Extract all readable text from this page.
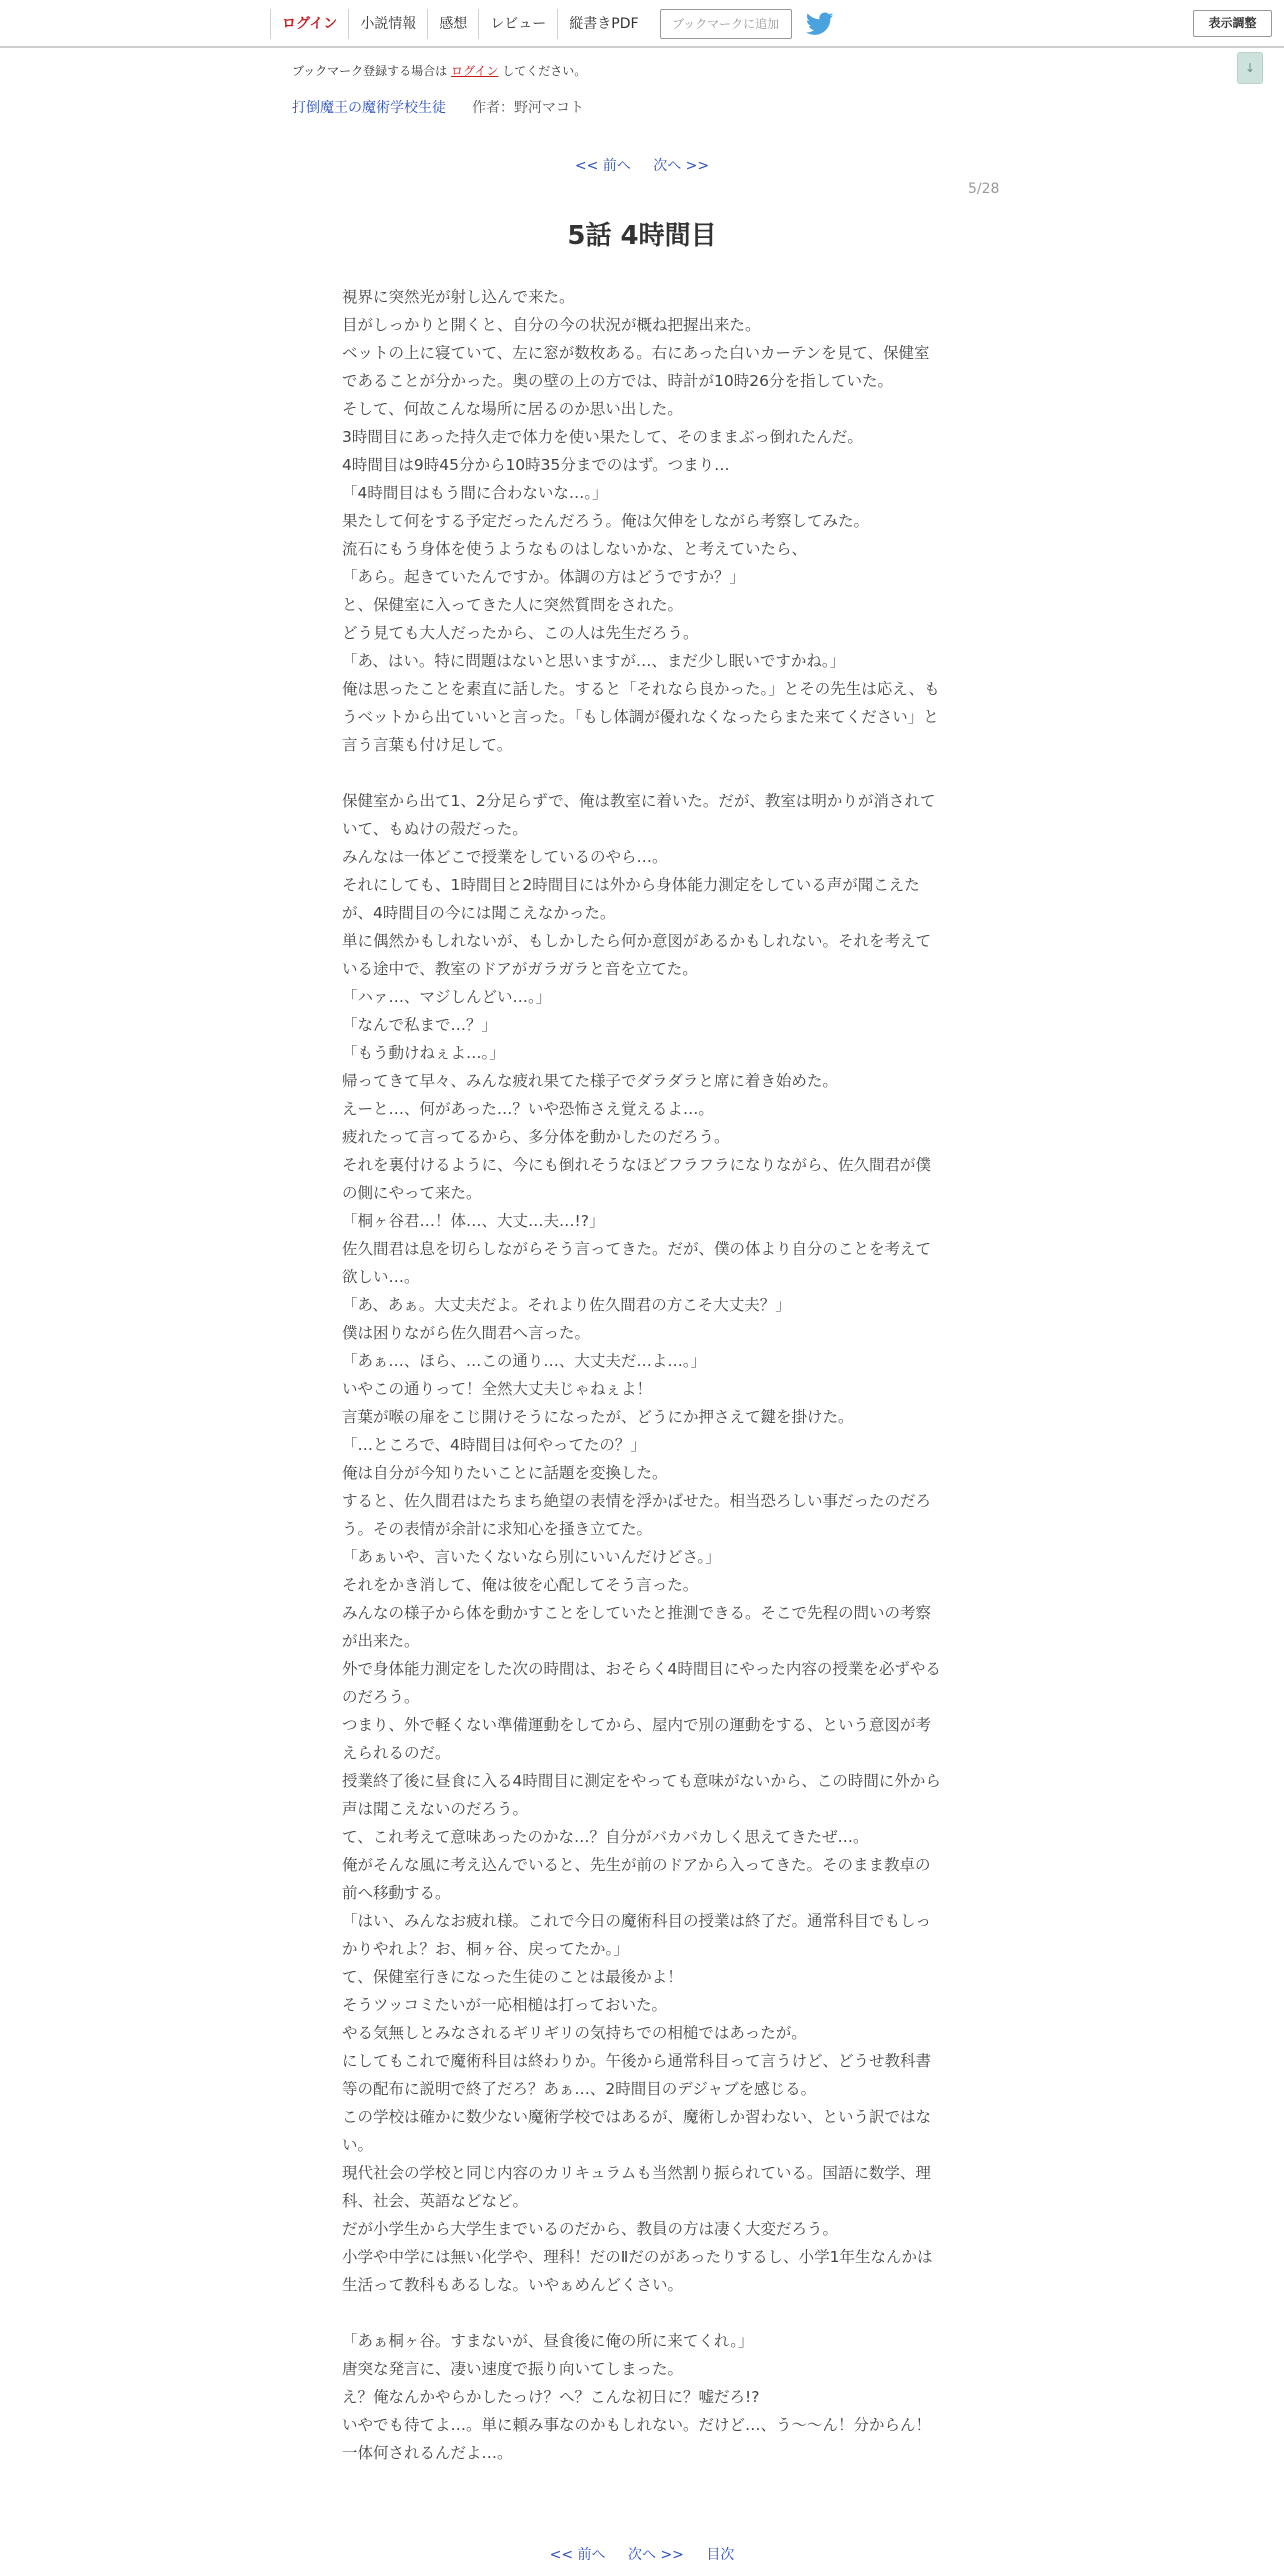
ログイン	小説情報	感想	レビュー	縦書きPDF	ブックマークに追加	表示調整
↓
ブックマーク登録する場合は ログイン してください。
打倒魔王の魔術学校生徒 作者：野河マコト
<< 前へ 次へ >>
5/28
5話 4時間目

視界に突然光が射し込んで来た。

目がしっかりと開くと、自分の今の状況が概ね把握出来た。

ベットの上に寝ていて、左に窓が数枚ある。右にあった白いカーテンを見て、保健室であることが分かった。奥の壁の上の方では、時計が10時26分を指していた。

そして、何故こんな場所に居るのか思い出した。

3時間目にあった持久走で体力を使い果たして、そのままぶっ倒れたんだ。

4時間目は9時45分から10時35分までのはず。つまり…

「4時間目はもう間に合わないな…。」

果たして何をする予定だったんだろう。俺は欠伸をしながら考察してみた。

流石にもう身体を使うようなものはしないかな、と考えていたら、

「あら。起きていたんですか。体調の方はどうですか？」

と、保健室に入ってきた人に突然質問をされた。

どう見ても大人だったから、この人は先生だろう。

「あ、はい。特に問題はないと思いますが…、まだ少し眠いですかね。」

俺は思ったことを素直に話した。すると「それなら良かった。」とその先生は応え、もうベットから出ていいと言った。「もし体調が優れなくなったらまた来てください」と言う言葉も付け足して。

保健室から出て1、2分足らずで、俺は教室に着いた。だが、教室は明かりが消されていて、もぬけの殻だった。

みんなは一体どこで授業をしているのやら…。

それにしても、1時間目と2時間目には外から身体能力測定をしている声が聞こえたが、4時間目の今には聞こえなかった。

単に偶然かもしれないが、もしかしたら何か意図があるかもしれない。それを考えている途中で、教室のドアがガラガラと音を立てた。

「ハァ…、マジしんどい…。」

「なんで私まで…？」

「もう動けねぇよ…。」

帰ってきて早々、みんな疲れ果てた様子でダラダラと席に着き始めた。

えーと…、何があった…？いや恐怖さえ覚えるよ…。

疲れたって言ってるから、多分体を動かしたのだろう。

それを裏付けるように、今にも倒れそうなほどフラフラになりながら、佐久間君が僕の側にやって来た。

「桐ヶ谷君…！体…、大丈…夫…!?」

佐久間君は息を切らしながらそう言ってきた。だが、僕の体より自分のことを考えて欲しい…。

「あ、あぁ。大丈夫だよ。それより佐久間君の方こそ大丈夫？」

僕は困りながら佐久間君へ言った。

「あぁ…、ほら、…この通り…、大丈夫だ…よ…。」

いやこの通りって！全然大丈夫じゃねぇよ！

言葉が喉の扉をこじ開けそうになったが、どうにか押さえて鍵を掛けた。

「…ところで、4時間目は何やってたの？」

俺は自分が今知りたいことに話題を変換した。

すると、佐久間君はたちまち絶望の表情を浮かばせた。相当恐ろしい事だったのだろう。その表情が余計に求知心を掻き立てた。

「あぁいや、言いたくないなら別にいいんだけどさ。」

それをかき消して、俺は彼を心配してそう言った。

みんなの様子から体を動かすことをしていたと推測できる。そこで先程の問いの考察が出来た。

外で身体能力測定をした次の時間は、おそらく4時間目にやった内容の授業を必ずやるのだろう。

つまり、外で軽くない準備運動をしてから、屋内で別の運動をする、という意図が考えられるのだ。

授業終了後に昼食に入る4時間目に測定をやっても意味がないから、この時間に外から声は聞こえないのだろう。

て、これ考えて意味あったのかな…？自分がバカバカしく思えてきたぜ…。

俺がそんな風に考え込んでいると、先生が前のドアから入ってきた。そのまま教卓の前へ移動する。

「はい、みんなお疲れ様。これで今日の魔術科目の授業は終了だ。通常科目でもしっかりやれよ？お、桐ヶ谷、戻ってたか。」

て、保健室行きになった生徒のことは最後かよ！

そうツッコミたいが一応相槌は打っておいた。

やる気無しとみなされるギリギリの気持ちでの相槌ではあったが。

にしてもこれで魔術科目は終わりか。午後から通常科目って言うけど、どうせ教科書等の配布に説明で終了だろ？あぁ…、2時間目のデジャブを感じる。

この学校は確かに数少ない魔術学校ではあるが、魔術しか習わない、という訳ではない。

現代社会の学校と同じ内容のカリキュラムも当然割り振られている。国語に数学、理科、社会、英語などなど。

だが小学生から大学生までいるのだから、教員の方は凄く大変だろう。

小学や中学には無い化学や、理科！だのⅡだのがあったりするし、小学1年生なんかは生活って教科もあるしな。いやぁめんどくさい。

「あぁ桐ヶ谷。すまないが、昼食後に俺の所に来てくれ。」

唐突な発言に、凄い速度で振り向いてしまった。

え？俺なんかやらかしたっけ？へ？こんな初日に？嘘だろ!?

いやでも待てよ…。単に頼み事なのかもしれない。だけど…、う〜〜ん！分からん！一体何されるんだよ…。

<< 前へ 次へ >> 目次
